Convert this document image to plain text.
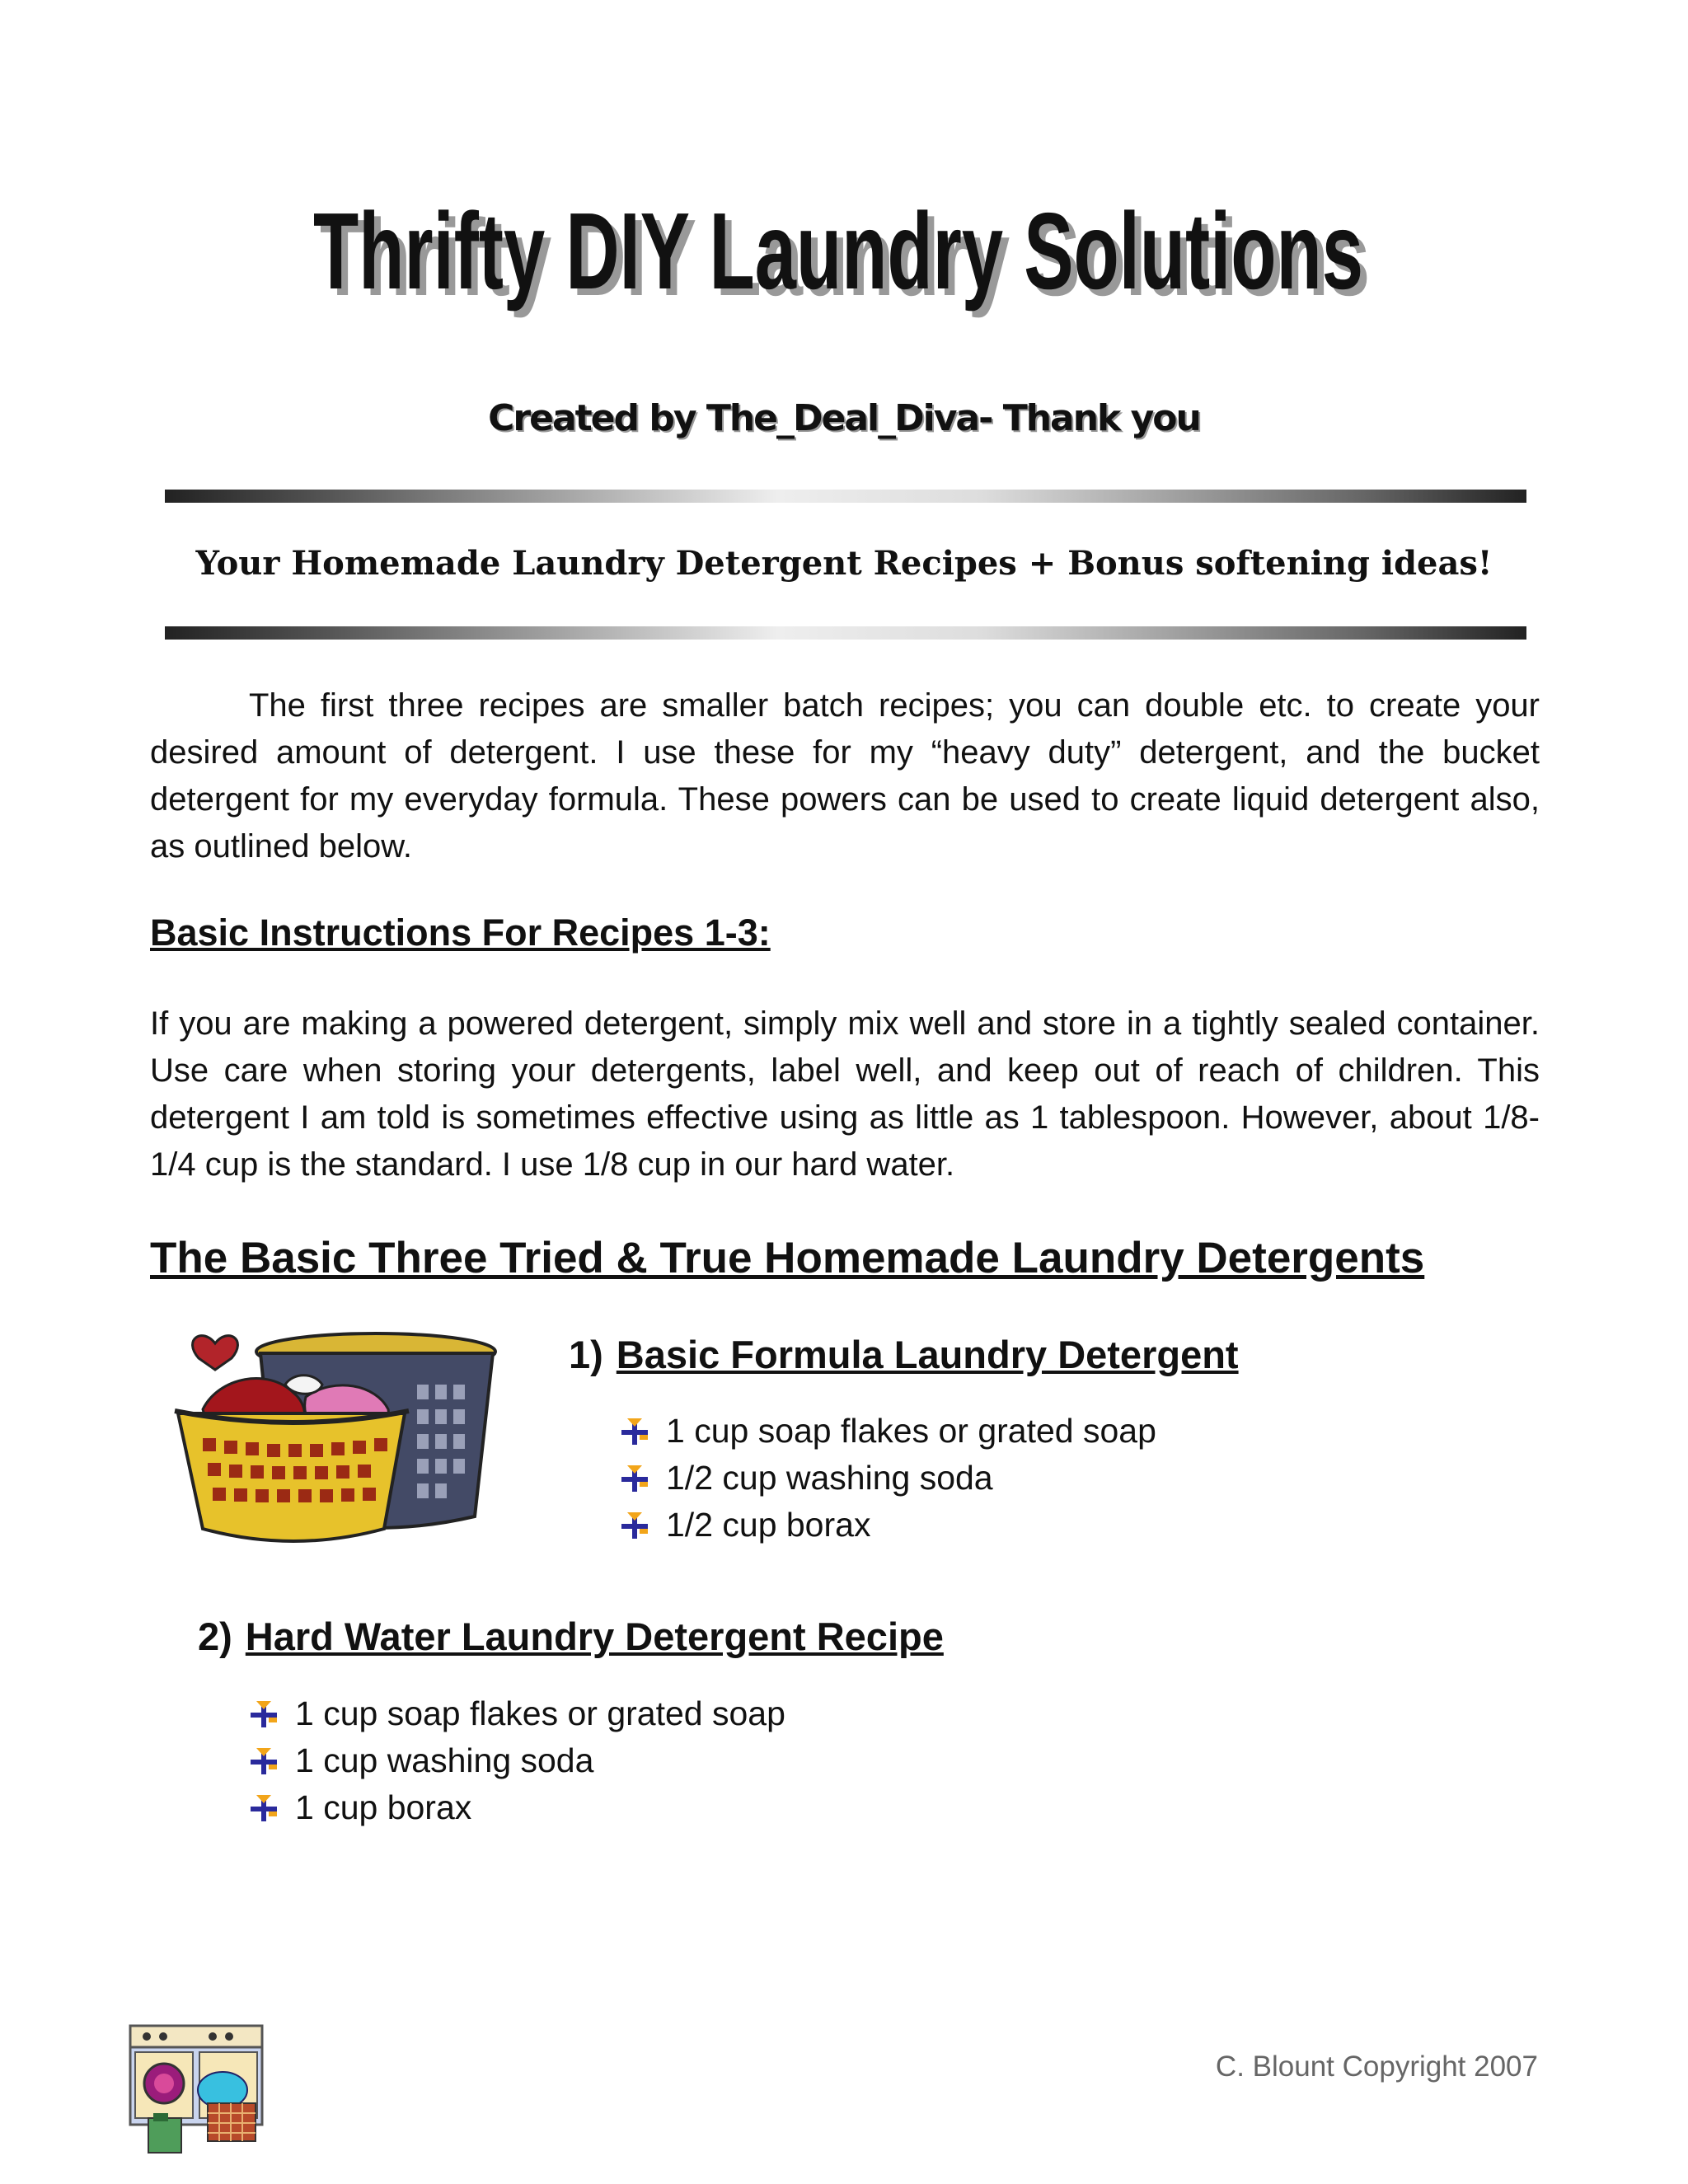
Thrifty DIY Laundry Solutions
Thrifty DIY Laundry Solutions
Created by The_Deal_Diva- Thank you
Your Homemade Laundry Detergent Recipes + Bonus softening ideas!
The first three recipes are smaller batch recipes; you can double etc. to create your desired amount of detergent. I use these for my “heavy duty” detergent, and the bucket detergent for my everyday formula. These powers can be used to create liquid detergent also, as outlined below.
Basic Instructions For Recipes 1-3:
If you are making a powered detergent, simply mix well and store in a tightly sealed container. Use care when storing your detergents, label well, and keep out of reach of children. This detergent I am told is sometimes effective using as little as 1 tablespoon. However, about 1/8-1/4 cup is the standard. I use 1/8 cup in our hard water.
The Basic Three Tried & True Homemade Laundry Detergents
1) Basic Formula Laundry Detergent
1 cup soap flakes or grated soap
1/2 cup washing soda
1/2 cup borax
2) Hard Water Laundry Detergent Recipe
1 cup soap flakes or grated soap
1 cup washing soda
1 cup borax
C. Blount Copyright 2007
